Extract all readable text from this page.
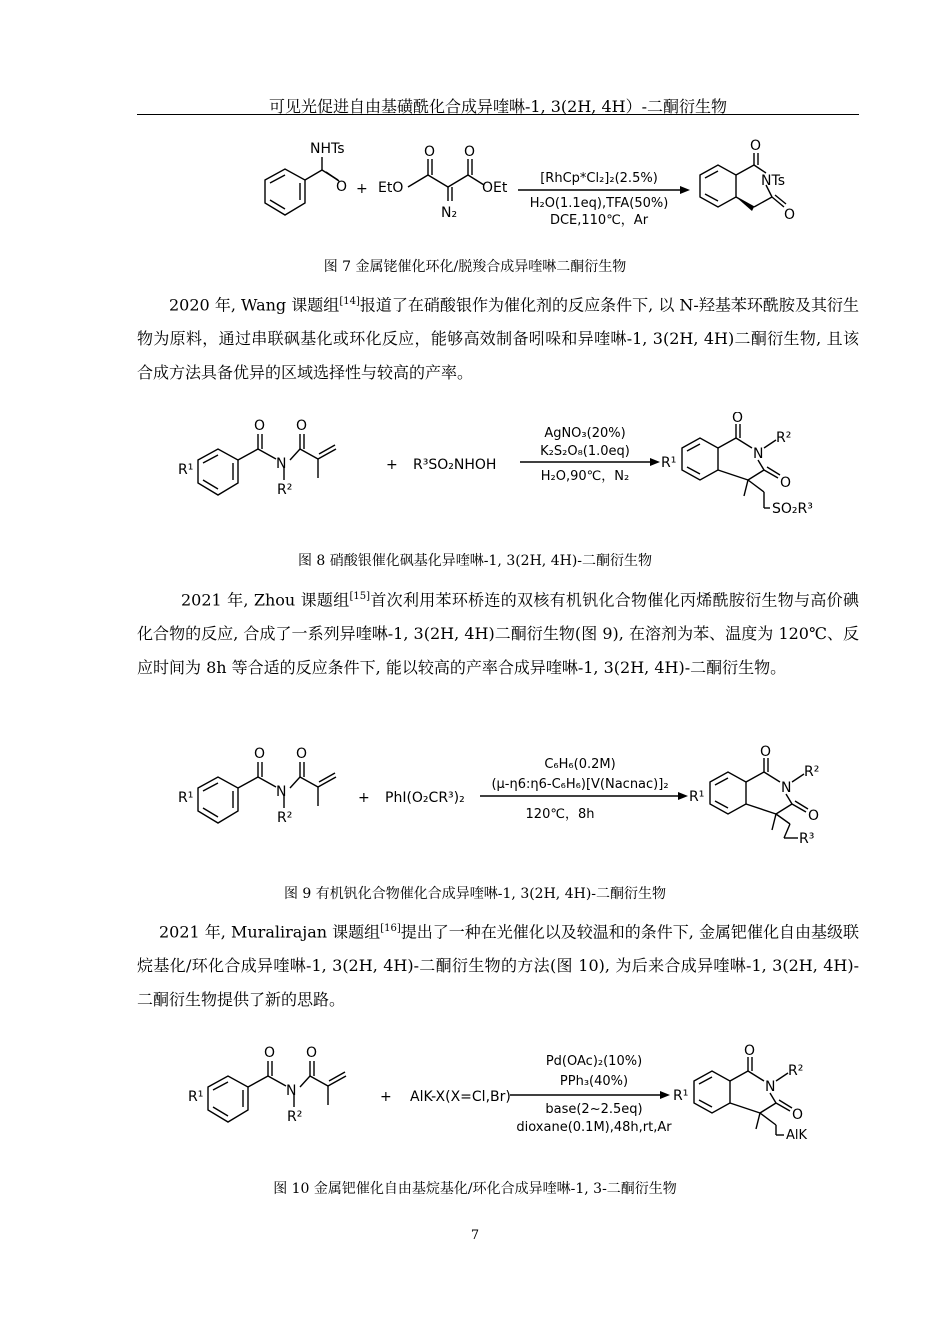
可见光促进自由基磺酰化合成异喹啉-1, 3(2H, 4H）-二酮衍生物
NHTs
O + EtO
O O
OEt
N₂
[RhCp*Cl₂]₂(2.5%)
H₂O(1.1eq),TFA(50%)
DCE,110℃，Ar
O
NTs
O
图 7 金属铑催化环化/脱羧合成异喹啉二酮衍生物

2020 年, Wang 课题组[14]报道了在硝酸银作为催化剂的反应条件下, 以 N-羟基苯环酰胺及其衍生物为原料，通过串联砜基化或环化反应，能够高效制备吲哚和异喹啉-1, 3(2H, 4H)二酮衍生物, 且该合成方法具备优异的区域选择性与较高的产率。

R¹
O
N
R²
O
+ R³SO₂NHOH
AgNO₃(20%)
K₂S₂O₈(1.0eq)
H₂O,90℃，N₂
R¹
O
N
R²
O
SO₂R³
图 8 硝酸银催化砜基化异喹啉-1, 3(2H, 4H)-二酮衍生物

2021 年, Zhou 课题组[15]首次利用苯环桥连的双核有机钒化合物催化丙烯酰胺衍生物与高价碘化合物的反应, 合成了一系列异喹啉-1, 3(2H, 4H)二酮衍生物(图 9), 在溶剂为苯、温度为 120℃、反应时间为 8h 等合适的反应条件下, 能以较高的产率合成异喹啉-1, 3(2H, 4H)-二酮衍生物。

R¹
O
N
R²
O
+ PhI(O₂CR³)₂
C₆H₆(0.2M)
(μ-η6:η6-C₆H₆)[V(Nacnac)]₂
120℃，8h
R¹
O
N
R²
O
R³
图 9 有机钒化合物催化合成异喹啉-1, 3(2H, 4H)-二酮衍生物

2021 年, Muralirajan 课题组[16]提出了一种在光催化以及较温和的条件下, 金属钯催化自由基级联烷基化/环化合成异喹啉-1, 3(2H, 4H)-二酮衍生物的方法(图 10), 为后来合成异喹啉-1, 3(2H, 4H)-二酮衍生物提供了新的思路。

R¹
O
N
R²
O
+ AlK-X(X=Cl,Br)
Pd(OAc)₂(10%)
PPh₃(40%)
base(2~2.5eq)
dioxane(0.1M),48h,rt,Ar
R¹
O
N
R²
O
AlK
图 10 金属钯催化自由基烷基化/环化合成异喹啉-1, 3-二酮衍生物
7
